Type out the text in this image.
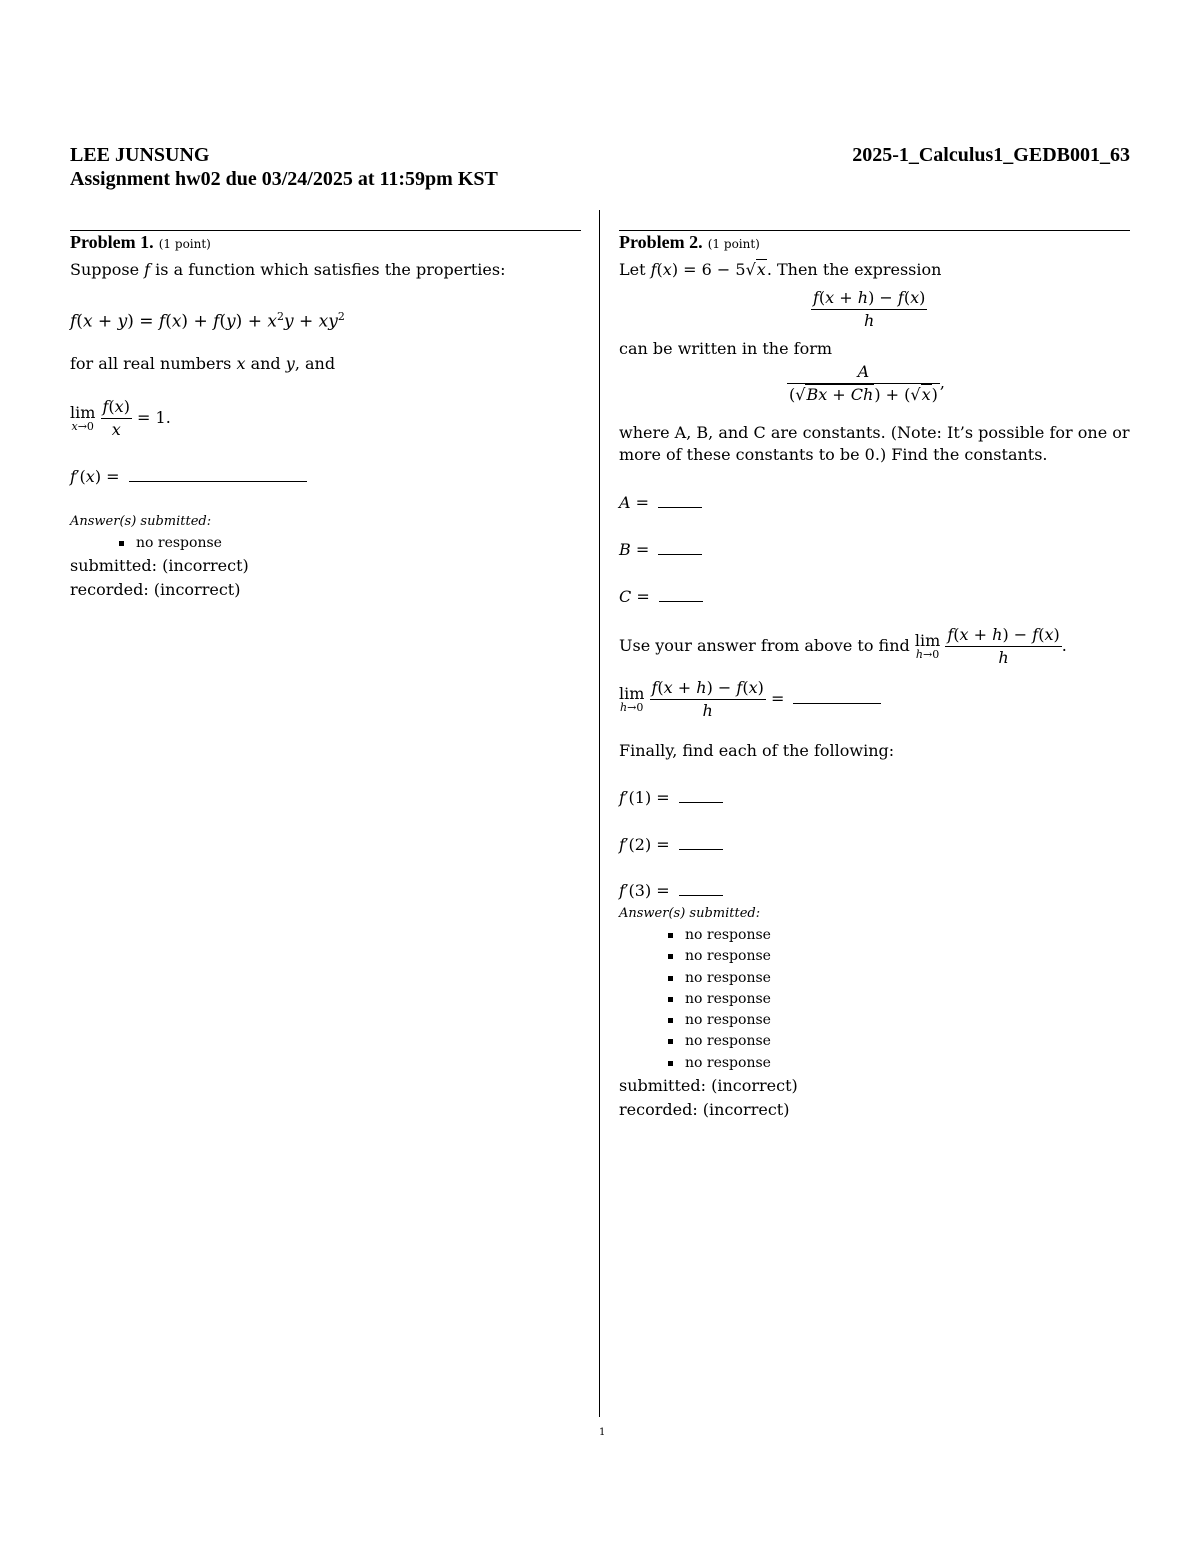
LEE JUNSUNG
Assignment hw02 due 03/24/2025 at 11:59pm KST
2025-1_Calculus1_GEDB001_63
Problem 1. (1 point)
Suppose f is a function which satisfies the properties:
$f(x + y) = f(x) + f(y) + x^2y + xy^2$
for all real numbers x and y, and
lim
x→0
$\frac{f(x)}{x} = 1$.
f′(x) =
Answer(s) submitted:
no response
submitted: (incorrect)
recorded: (incorrect)
Problem 2. (1 point)
Let f(x) = 6 − 5√x. Then the expression
$\frac{f(x + h) - f(x)}{h}$
can be written in the form
$\frac{A}{(√Bx + Ch) + (√x)}$ ,
where A, B, and C are constants. (Note: It’s possible for one or
more of these constants to be 0.) Find the constants.
A =
B =
C =
Use your answer from above to find lim
h→0
$\frac{f(x + h) - f(x)}{h}$ .
lim
h→0
$\frac{f(x + h) - f(x)}{h}$ =
Finally, find each of the following:
f′(1) =
f′(2) =
f′(3) =
Answer(s) submitted:
no response
no response
no response
no response
no response
no response
no response
submitted: (incorrect)
recorded: (incorrect)
1
